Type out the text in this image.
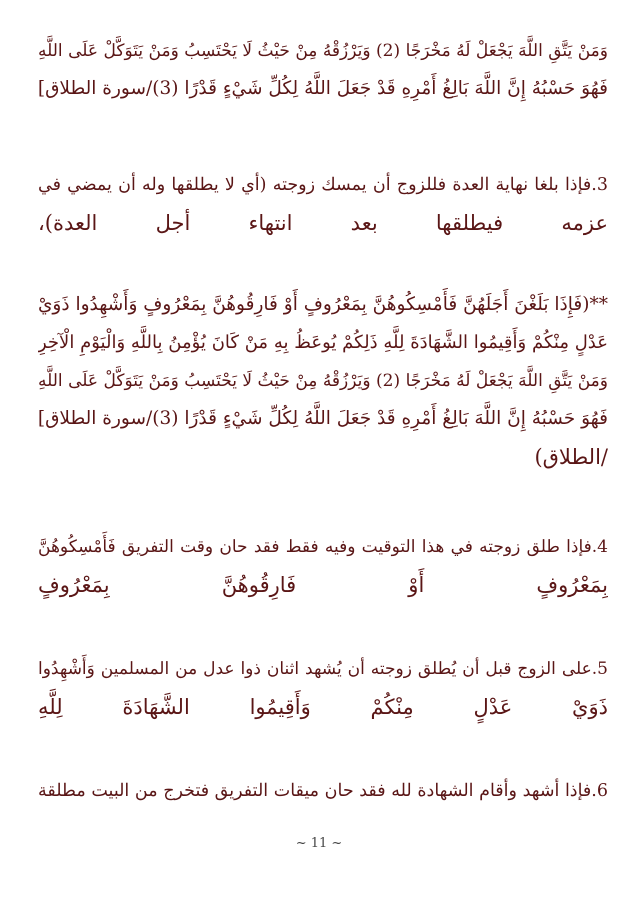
وَمَنْ يَتَّقِ اللَّهَ يَجْعَلْ لَهُ مَخْرَجًا (2) وَيَرْزُقْهُ مِنْ حَيْثُ لَا يَحْتَسِبُ وَمَنْ يَتَوَكَّلْ عَلَى اللَّهِ
فَهُوَ حَسْبُهُ إِنَّ اللَّهَ بَالِغُ أَمْرِهِ قَدْ جَعَلَ اللَّهُ لِكُلِّ شَيْءٍ قَدْرًا (3)/سورة الطلاق]
3.فإذا بلغا نهاية العدة فللزوج أن يمسك زوجته (أي لا يطلقها وله أن يمضي في
عزمه فيطلقها بعد انتهاء أجل العدة)،
**(فَإِذَا بَلَغْنَ أَجَلَهُنَّ فَأَمْسِكُوهُنَّ بِمَعْرُوفٍ أَوْ فَارِقُوهُنَّ بِمَعْرُوفٍ وَأَشْهِدُوا ذَوَيْ
عَدْلٍ مِنْكُمْ وَأَقِيمُوا الشَّهَادَةَ لِلَّهِ ذَلِكُمْ يُوعَظُ بِهِ مَنْ كَانَ يُؤْمِنُ بِاللَّهِ وَالْيَوْمِ الْآخِرِ
وَمَنْ يَتَّقِ اللَّهَ يَجْعَلْ لَهُ مَخْرَجًا (2) وَيَرْزُقْهُ مِنْ حَيْثُ لَا يَحْتَسِبُ وَمَنْ يَتَوَكَّلْ عَلَى اللَّهِ
فَهُوَ حَسْبُهُ إِنَّ اللَّهَ بَالِغُ أَمْرِهِ قَدْ جَعَلَ اللَّهُ لِكُلِّ شَيْءٍ قَدْرًا (3)/سورة الطلاق]
/الطلاق)
4.فإذا طلق زوجته في هذا التوقيت وفيه فقط فقد حان وقت التفريق فَأَمْسِكُوهُنَّ
بِمَعْرُوفٍ أَوْ فَارِقُوهُنَّ بِمَعْرُوفٍ
5.على الزوج قبل أن يُطلق زوجته أن يُشهد اثنان ذوا عدل من المسلمين وَأَشْهِدُوا
ذَوَيْ عَدْلٍ مِنْكُمْ وَأَقِيمُوا الشَّهَادَةَ لِلَّهِ
6.فإذا أشهد وأقام الشهادة لله فقد حان ميقات التفريق فتخرج من البيت مطلقة
~ 11 ~
